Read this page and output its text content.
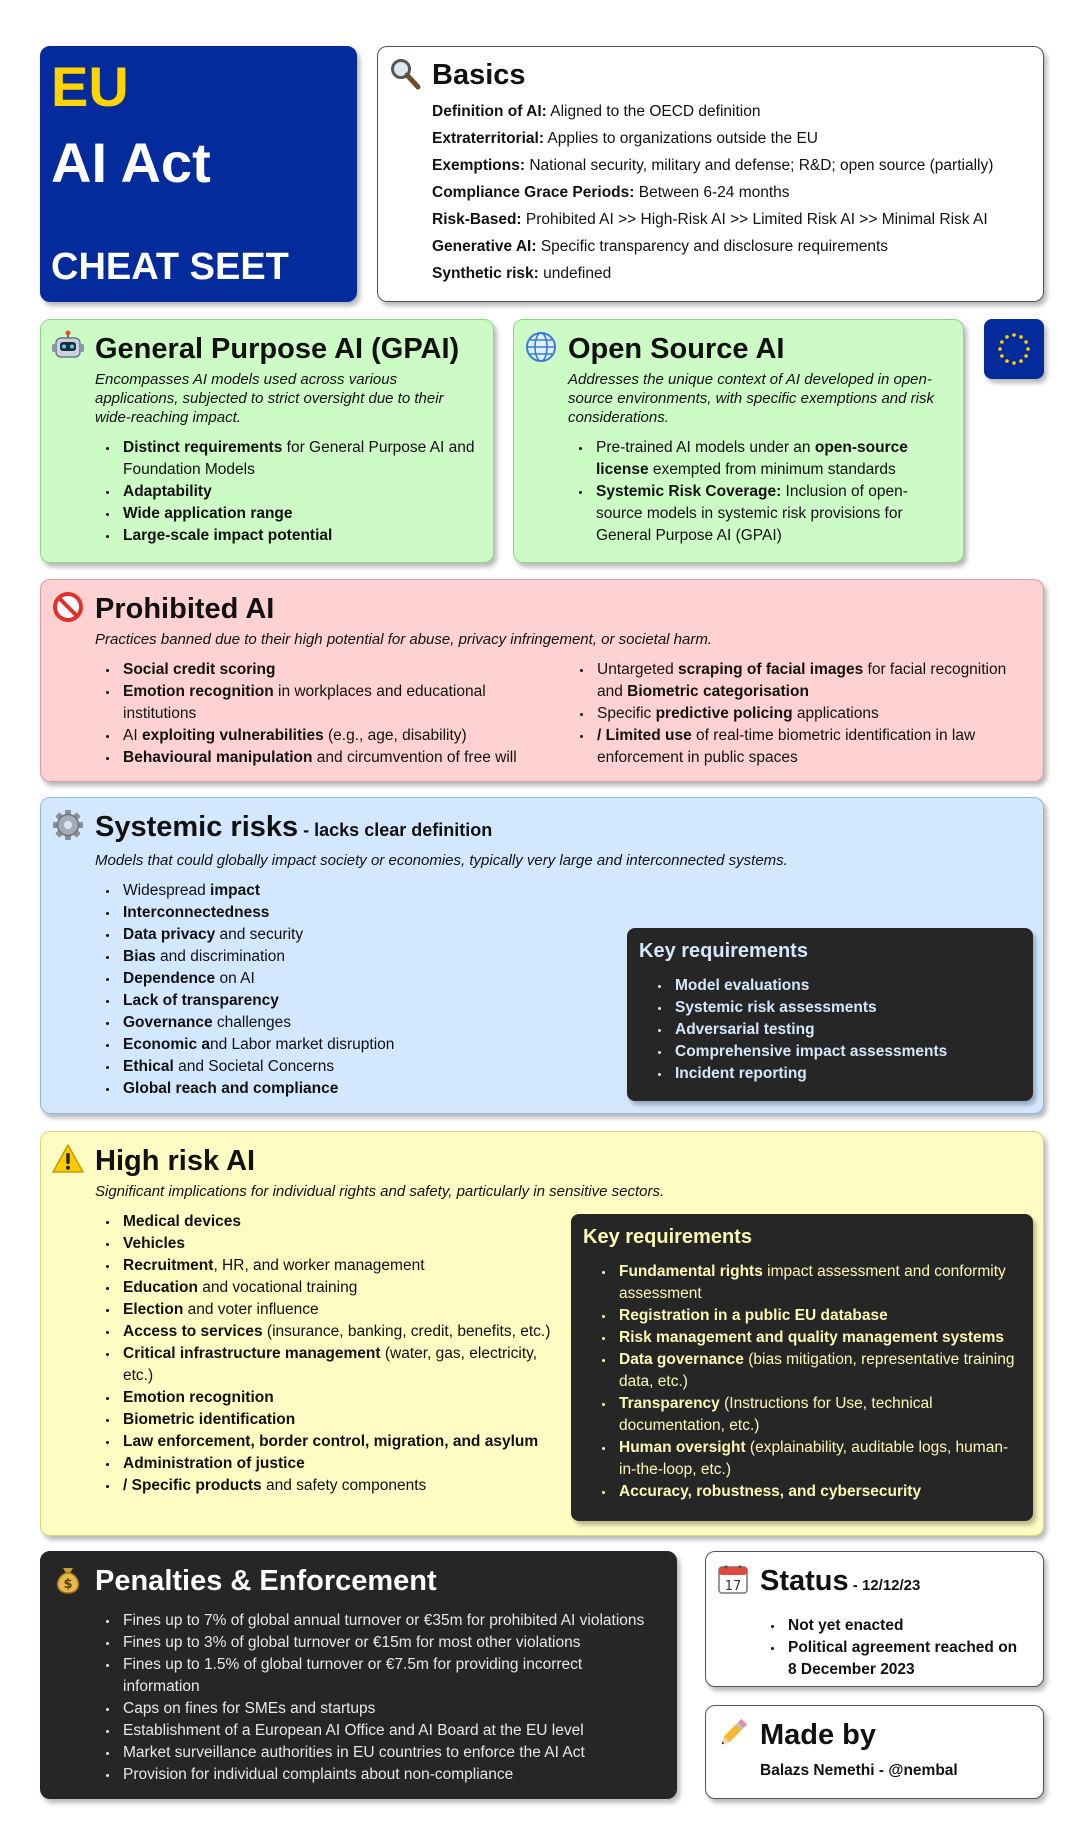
EU
AI Act
CHEAT SEET
Basics
Definition of AI: Aligned to the OECD definition
Extraterritorial: Applies to organizations outside the EU
Exemptions: National security, military and defense; R&D; open source (partially)
Compliance Grace Periods: Between 6-24 months
Risk-Based: Prohibited AI >> High-Risk AI >> Limited Risk AI >> Minimal Risk AI
Generative AI: Specific transparency and disclosure requirements
Synthetic risk: undefined
General Purpose AI (GPAI)
Encompasses AI models used across various applications, subjected to strict oversight due to their wide-reaching impact.
• Distinct requirements for General Purpose AI and Foundation Models
• Adaptability
• Wide application range
• Large-scale impact potential
Open Source AI
Addresses the unique context of AI developed in open-source environments, with specific exemptions and risk considerations.
• Pre-trained AI models under an open-source license exempted from minimum standards
• Systemic Risk Coverage: Inclusion of open-source models in systemic risk provisions for General Purpose AI (GPAI)
Prohibited AI
Practices banned due to their high potential for abuse, privacy infringement, or societal harm.
• Social credit scoring
• Emotion recognition in workplaces and educational institutions
• AI exploiting vulnerabilities (e.g., age, disability)
• Behavioural manipulation and circumvention of free will
• Untargeted scraping of facial images for facial recognition and Biometric categorisation
• Specific predictive policing applications
• / Limited use of real-time biometric identification in law enforcement in public spaces
Systemic risks - lacks clear definition
Models that could globally impact society or economies, typically very large and interconnected systems.
• Widespread impact
• Interconnectedness
• Data privacy and security
• Bias and discrimination
• Dependence on AI
• Lack of transparency
• Governance challenges
• Economic and Labor market disruption
• Ethical and Societal Concerns
• Global reach and compliance
Key requirements
• Model evaluations
• Systemic risk assessments
• Adversarial testing
• Comprehensive impact assessments
• Incident reporting
High risk AI
Significant implications for individual rights and safety, particularly in sensitive sectors.
• Medical devices
• Vehicles
• Recruitment, HR, and worker management
• Education and vocational training
• Election and voter influence
• Access to services (insurance, banking, credit, benefits, etc.)
• Critical infrastructure management (water, gas, electricity, etc.)
• Emotion recognition
• Biometric identification
• Law enforcement, border control, migration, and asylum
• Administration of justice
• / Specific products and safety components
Key requirements
• Fundamental rights impact assessment and conformity assessment
• Registration in a public EU database
• Risk management and quality management systems
• Data governance (bias mitigation, representative training data, etc.)
• Transparency (Instructions for Use, technical documentation, etc.)
• Human oversight (explainability, auditable logs, human-in-the-loop, etc.)
• Accuracy, robustness, and cybersecurity
$ Penalties & Enforcement
• Fines up to 7% of global annual turnover or €35m for prohibited AI violations
• Fines up to 3% of global turnover or €15m for most other violations
• Fines up to 1.5% of global turnover or €7.5m for providing incorrect information
• Caps on fines for SMEs and startups
• Establishment of a European AI Office and AI Board at the EU level
• Market surveillance authorities in EU countries to enforce the AI Act
• Provision for individual complaints about non-compliance
17 Status - 12/12/23
• Not yet enacted
• Political agreement reached on 8 December 2023
Made by
Balazs Nemethi - @nembal
